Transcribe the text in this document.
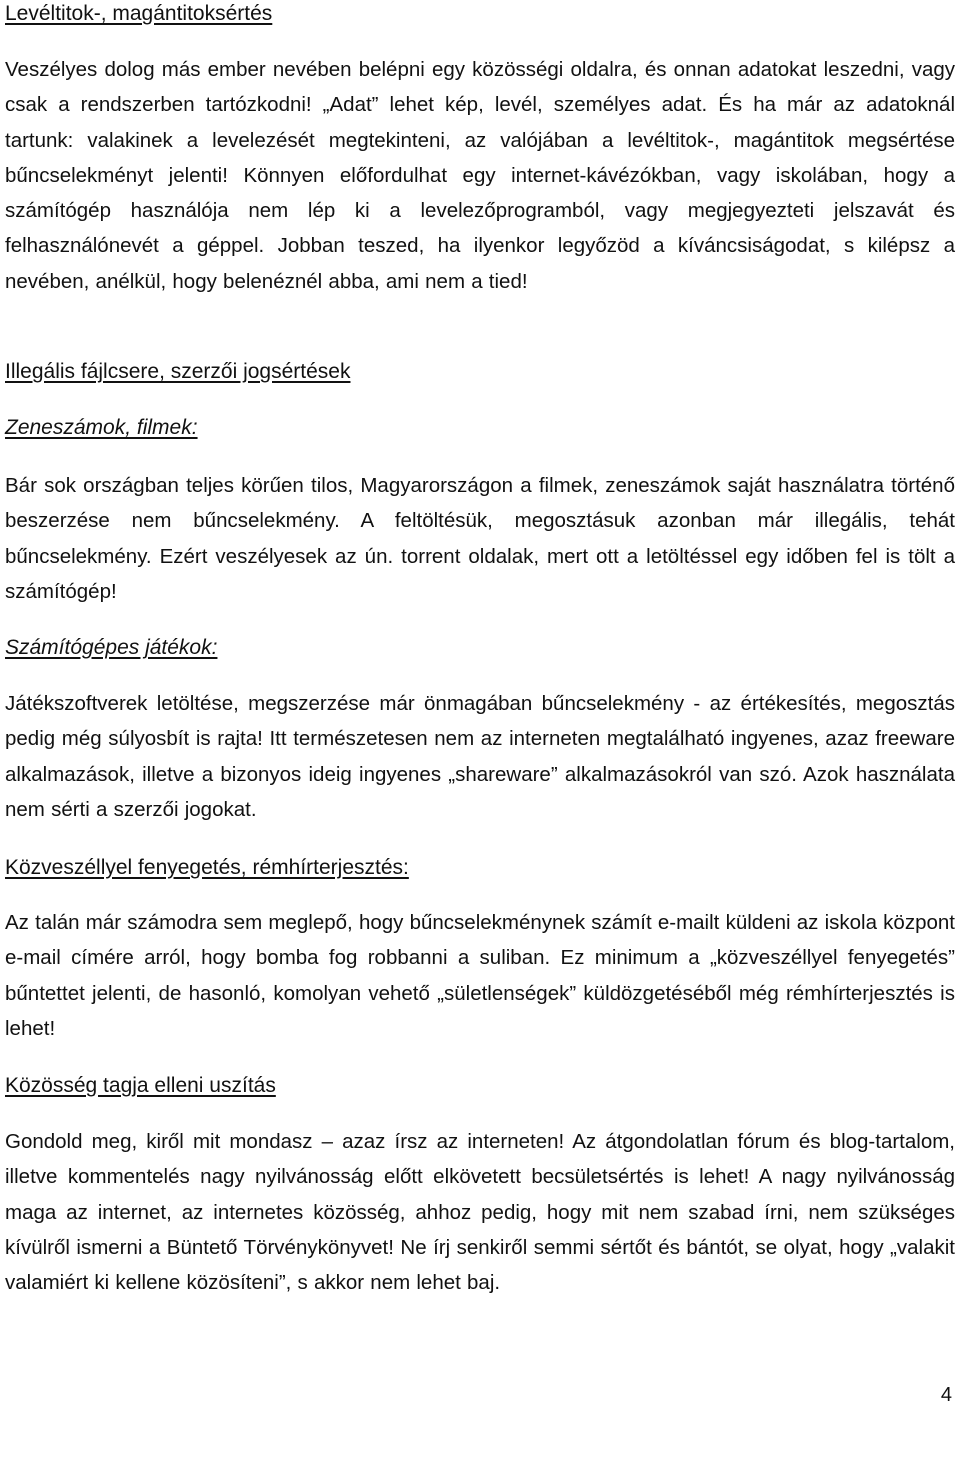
Levéltitok-, magántitoksértés

Veszélyes dolog más ember nevében belépni egy közösségi oldalra, és onnan adatokat leszedni, vagy csak a rendszerben tartózkodni! „Adat” lehet kép, levél, személyes adat. És ha már az adatoknál tartunk: valakinek a levelezését megtekinteni, az valójában a levéltitok-, magántitok megsértése bűncselekményt jelenti! Könnyen előfordulhat egy internet-kávézókban, vagy iskolában, hogy a számítógép használója nem lép ki a levelezőprogramból, vagy megjegyezteti jelszavát és felhasználónevét a géppel. Jobban teszed, ha ilyenkor legyőzöd a kíváncsiságodat, s kilépsz a nevében, anélkül, hogy belenéznél abba, ami nem a tied!

Illegális fájlcsere, szerzői jogsértések

Zeneszámok, filmek:

Bár sok országban teljes körűen tilos, Magyarországon a filmek, zeneszámok saját használatra történő beszerzése nem bűncselekmény. A feltöltésük, megosztásuk azonban már illegális, tehát bűncselekmény. Ezért veszélyesek az ún. torrent oldalak, mert ott a letöltéssel egy időben fel is tölt a számítógép!

Számítógépes játékok:

Játékszoftverek letöltése, megszerzése már önmagában bűncselekmény - az értékesítés, megosztás pedig még súlyosbít is rajta! Itt természetesen nem az interneten megtalálható ingyenes, azaz freeware alkalmazások, illetve a bizonyos ideig ingyenes „shareware” alkalmazásokról van szó. Azok használata nem sérti a szerzői jogokat.

Közveszéllyel fenyegetés, rémhírterjesztés:

Az talán már számodra sem meglepő, hogy bűncselekménynek számít e-mailt küldeni az iskola központ e-mail címére arról, hogy bomba fog robbanni a suliban. Ez minimum a „közveszéllyel fenyegetés” bűntettet jelenti, de hasonló, komolyan vehető „sületlenségek” küldözgetéséből még rémhírterjesztés is lehet!

Közösség tagja elleni uszítás

Gondold meg, kiről mit mondasz – azaz írsz az interneten! Az átgondolatlan fórum és blog-tartalom, illetve kommentelés nagy nyilvánosság előtt elkövetett becsületsértés is lehet! A nagy nyilvánosság maga az internet, az internetes közösség, ahhoz pedig, hogy mit nem szabad írni, nem szükséges kívülről ismerni a Büntető Törvénykönyvet! Ne írj senkiről semmi sértőt és bántót, se olyat, hogy „valakit valamiért ki kellene közösíteni”, s akkor nem lehet baj.

4
